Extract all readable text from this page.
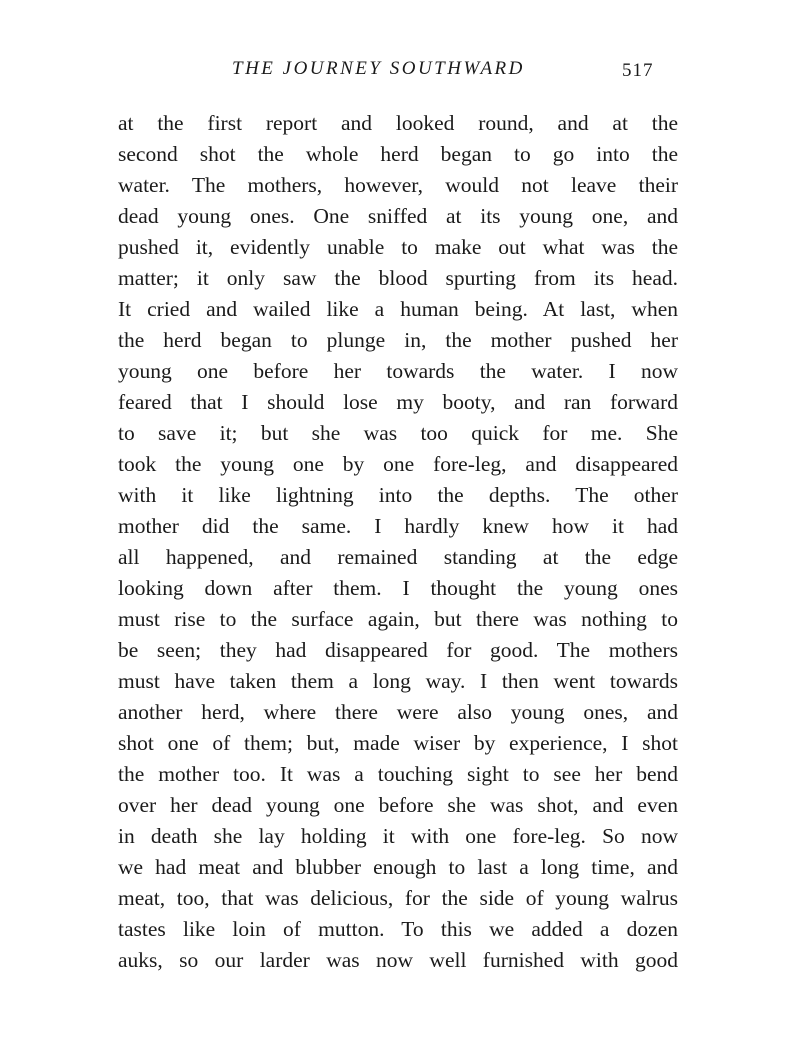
THE JOURNEY SOUTHWARD	517
at the first report and looked round, and at the
second shot the whole herd began to go into the
water. The mothers, however, would not leave their
dead young ones. One sniffed at its young one, and
pushed it, evidently unable to make out what was the
matter; it only saw the blood spurting from its head.
It cried and wailed like a human being. At last, when
the herd began to plunge in, the mother pushed her
young one before her towards the water. I now
feared that I should lose my booty, and ran forward
to save it; but she was too quick for me. She
took the young one by one fore-leg, and disappeared
with it like lightning into the depths. The other
mother did the same. I hardly knew how it had
all happened, and remained standing at the edge
looking down after them. I thought the young ones
must rise to the surface again, but there was nothing to
be seen; they had disappeared for good. The mothers
must have taken them a long way. I then went towards
another herd, where there were also young ones, and
shot one of them; but, made wiser by experience, I shot
the mother too. It was a touching sight to see her bend
over her dead young one before she was shot, and even
in death she lay holding it with one fore-leg. So now
we had meat and blubber enough to last a long time, and
meat, too, that was delicious, for the side of young walrus
tastes like loin of mutton. To this we added a dozen
auks, so our larder was now well furnished with good
